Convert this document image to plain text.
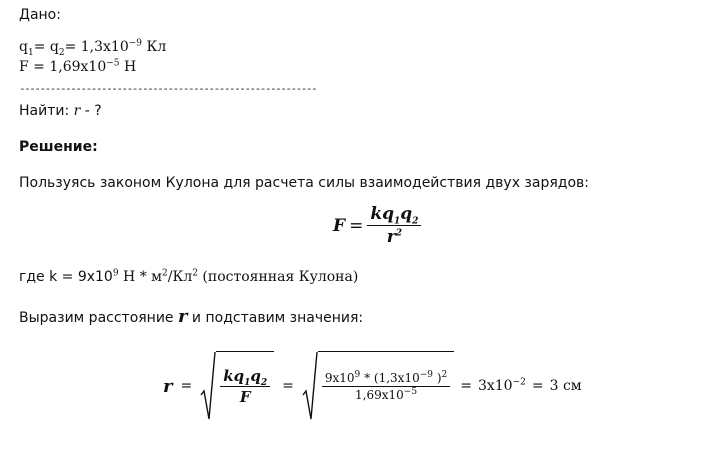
Дано:
$q_1= q_2= 1,3x10^{-9}$ Кл
$F = 1,69x10^{-5}$ Н
----------------------------------------------------------
Найти: r - ?
Решение:
Пользуясь законом Кулона для расчета силы взаимодействия двух зарядов:
$F = \frac{kq_1q_2}{r^2}$
где $k = 9x10^9$ Н * $м^2/Кл^2$ (постоянная Кулона)
Выразим расстояние r и подставим значения:
$r = \frac{kq_1q_2}{F} = \frac{9x10^9 * (1,3x10^{-9} )^2}{1,69x10^{-5}} = 3x10^{-2} = 3$ см
